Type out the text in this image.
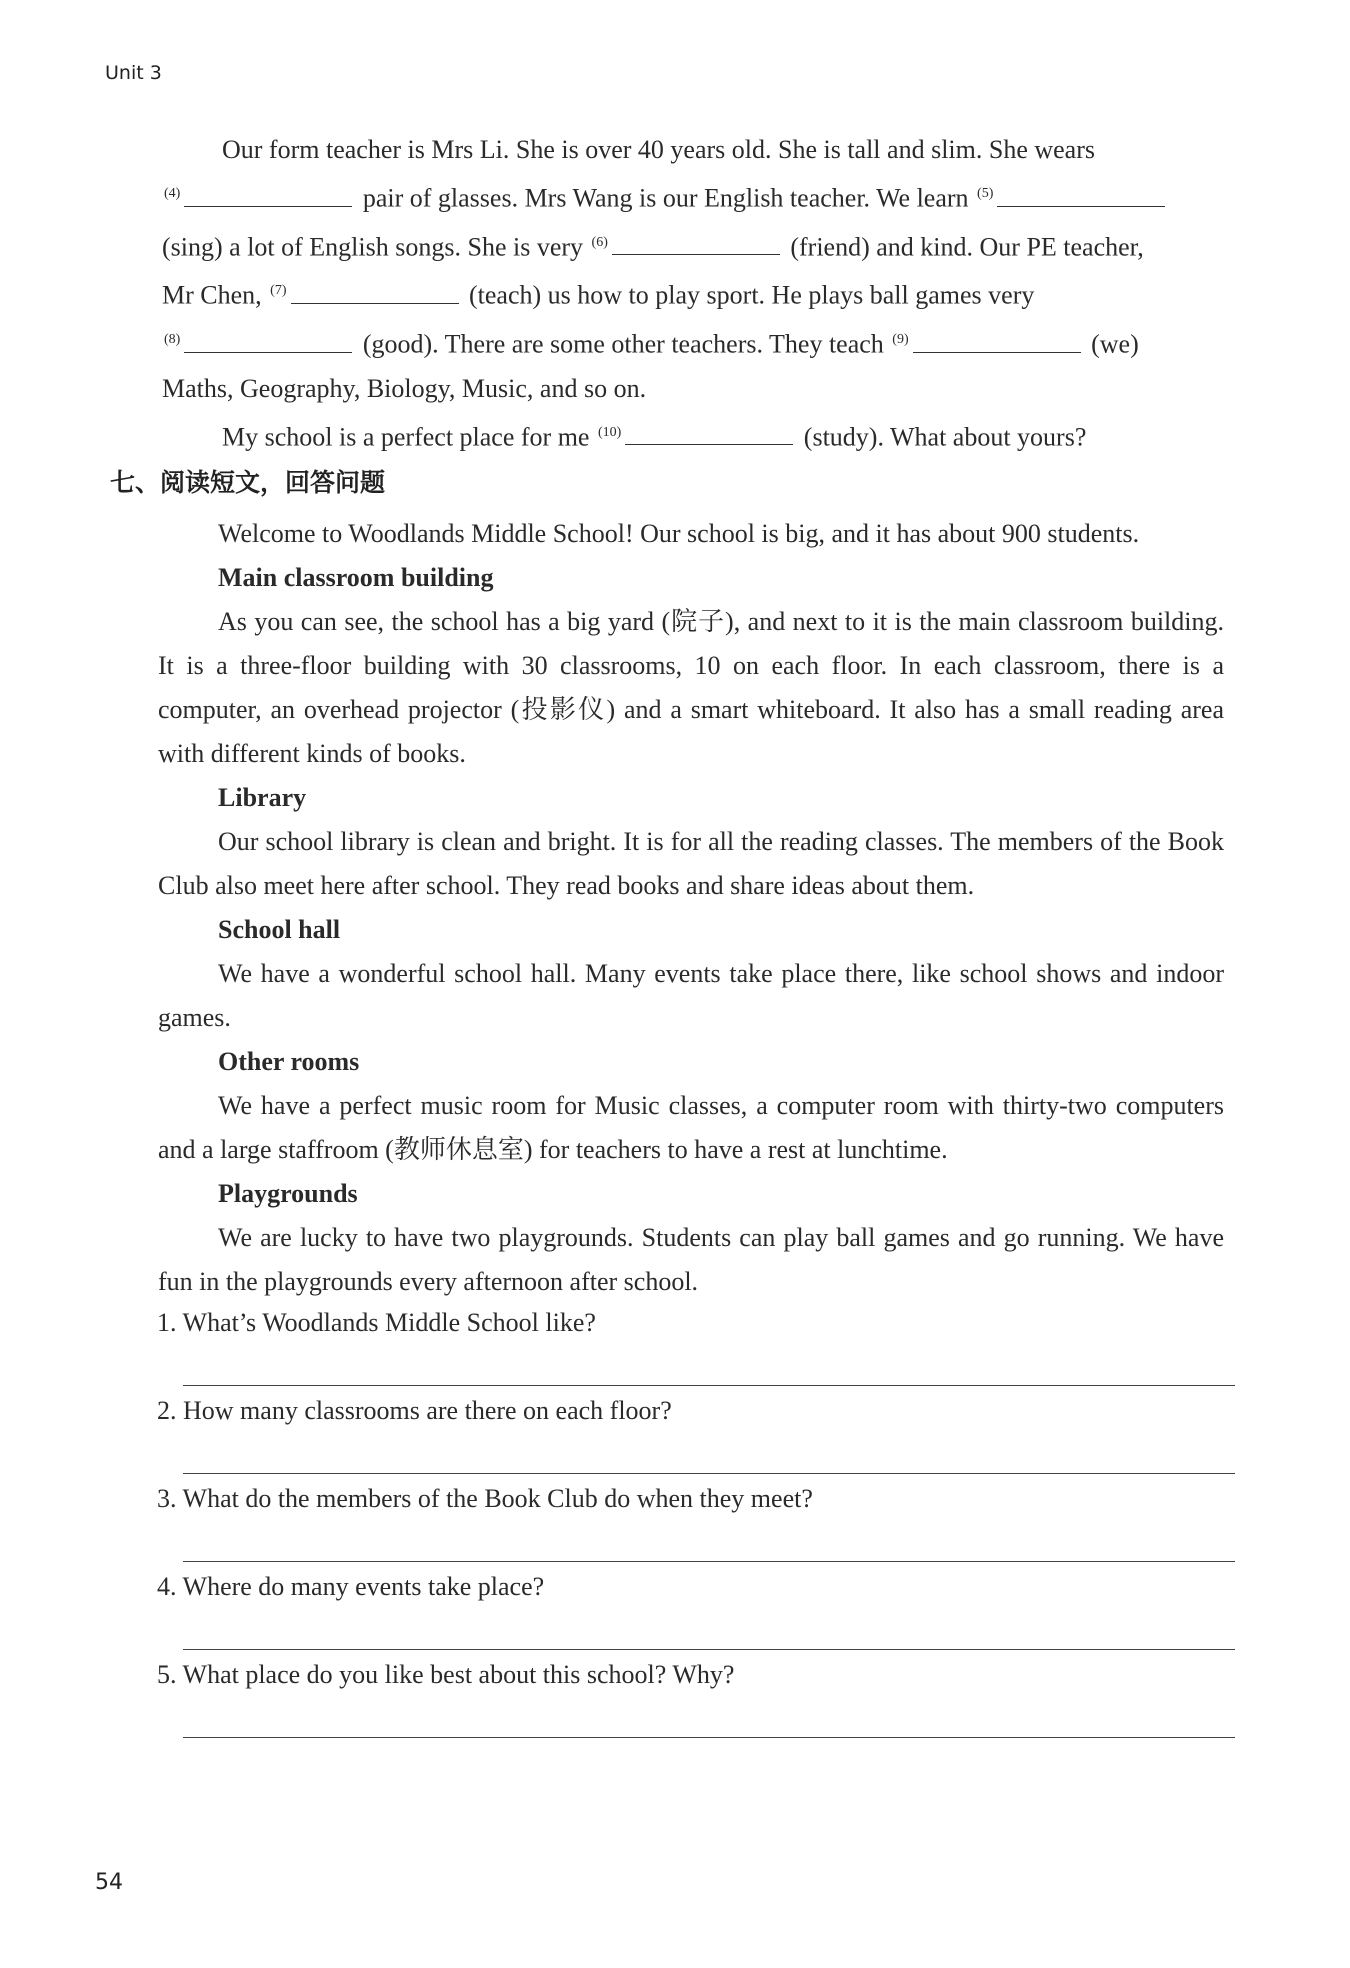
Unit 3

Our form teacher is Mrs Li. She is over 40 years old. She is tall and slim. She wears

$^{(4)}$	pair of glasses. Mrs Wang is our English teacher. We learn $^{(5)}$

(sing) a lot of English songs. She is very $^{(6)}$	(friend) and kind. Our PE teacher,

Mr Chen, $^{(7)}$	(teach) us how to play sport. He plays ball games very

$^{(8)}$	(good). There are some other teachers. They teach $^{(9)}$	(we)

Maths, Geography, Biology, Music, and so on.

My school is a perfect place for me $^{(10)}$	(study). What about yours?

七、阅读短文，回答问题

Welcome to Woodlands Middle School! Our school is big, and it has about 900 students.

Main classroom building

As you can see, the school has a big yard (院子), and next to it is the main classroom building. It is a three-floor building with 30 classrooms, 10 on each floor. In each classroom, there is a computer, an overhead projector (投影仪) and a smart whiteboard. It also has a small reading area with different kinds of books.

Library

Our school library is clean and bright. It is for all the reading classes. The members of the Book Club also meet here after school. They read books and share ideas about them.

School hall

We have a wonderful school hall. Many events take place there, like school shows and indoor games.

Other rooms

We have a perfect music room for Music classes, a computer room with thirty-two computers and a large staffroom (教师休息室) for teachers to have a rest at lunchtime.

Playgrounds

We are lucky to have two playgrounds. Students can play ball games and go running. We have fun in the playgrounds every afternoon after school.

1. What’s Woodlands Middle School like?
2. How many classrooms are there on each floor?
3. What do the members of the Book Club do when they meet?
4. Where do many events take place?
5. What place do you like best about this school? Why?
54
